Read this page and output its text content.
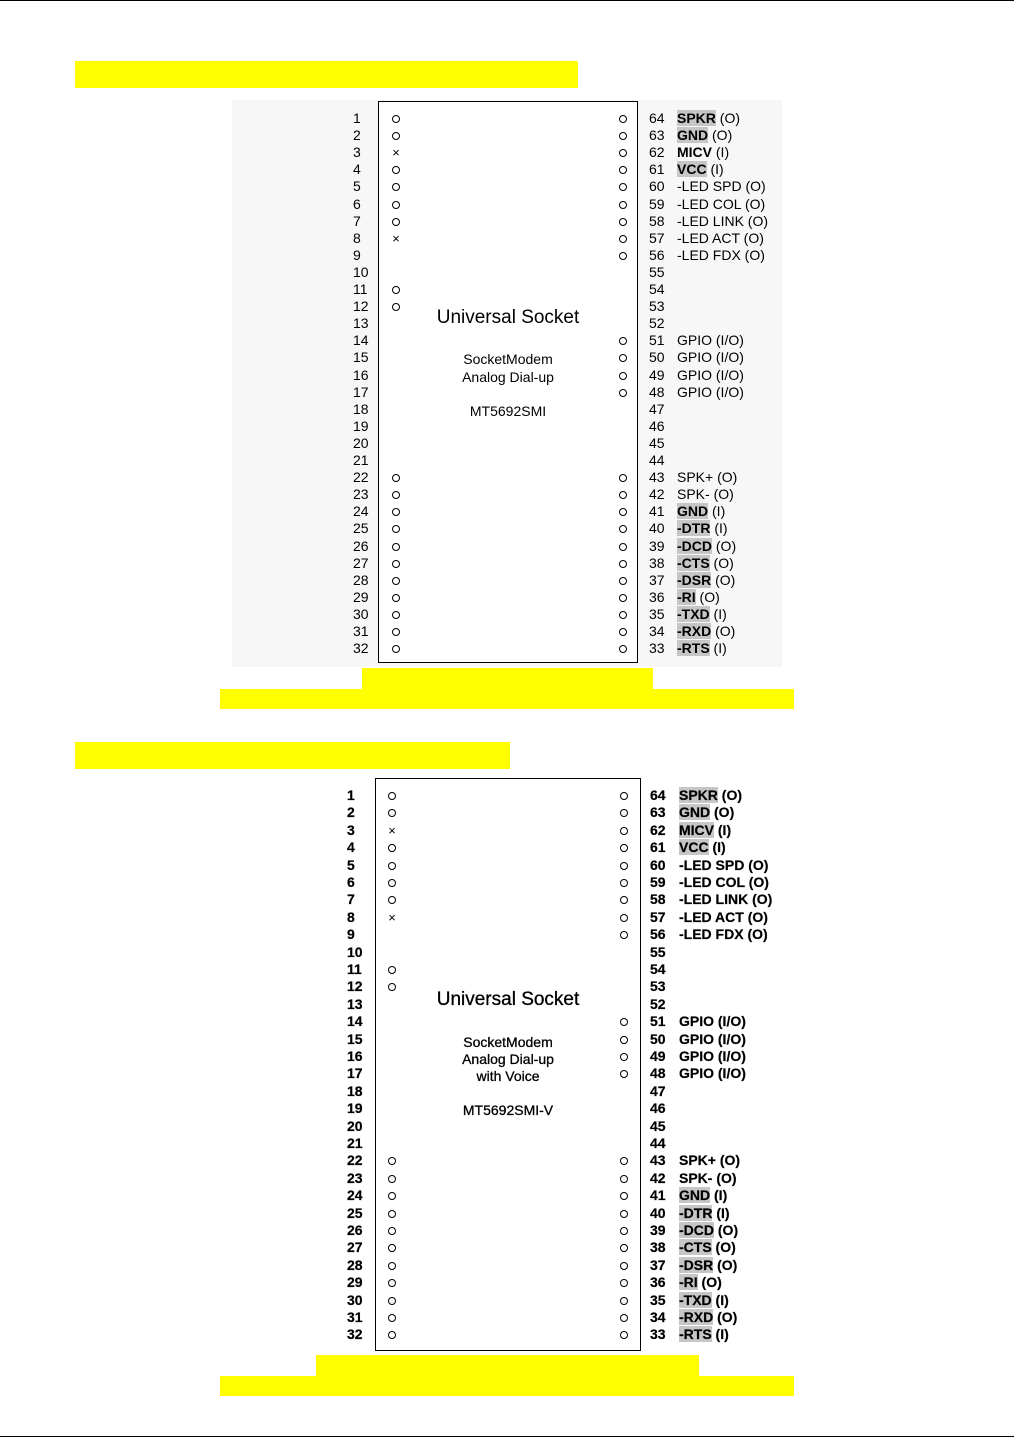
Universal Socket
SocketModem
Analog Dial-up
MT5692SMI
1
2
3 ×
4
5
6
7
8 ×
9
10
11
12
13
14
15
16
17
18
19
20
21
22
23
24
25
26
27
28
29
30
31
32
64 SPKR (O)
63 GND (O)
62 MICV (I)
61 VCC (I)
60 -LED SPD (O)
59 -LED COL (O)
58 -LED LINK (O)
57 -LED ACT (O)
56 -LED FDX (O)
55
54
53
52
51 GPIO (I/O)
50 GPIO (I/O)
49 GPIO (I/O)
48 GPIO (I/O)
47
46
45
44
43 SPK+ (O)
42 SPK- (O)
41 GND (I)
40 -DTR (I)
39 -DCD (O)
38 -CTS (O)
37 -DSR (O)
36 -RI (O)
35 -TXD (I)
34 -RXD (O)
33 -RTS (I)
Universal Socket
SocketModem
Analog Dial-up
with Voice
MT5692SMI-V
1
2
3	×
4
5
6
7
8	×
9
10
11
12
13
14
15
16
17
18
19
20
21
22
23
24
25
26
27
28
29
30
31
32
64 SPKR (O)
63 GND (O)
62 MICV (I)
61 VCC (I)
60 -LED SPD (O)
59 -LED COL (O)
58 -LED LINK (O)
57 -LED ACT (O)
56 -LED FDX (O)
55
54
53
52
51 GPIO (I/O)
50 GPIO (I/O)
49 GPIO (I/O)
48 GPIO (I/O)
47
46
45
44
43 SPK+ (O)
42 SPK- (O)
41 GND (I)
40 -DTR (I)
39 -DCD (O)
38 -CTS (O)
37 -DSR (O)
36 -RI (O)
35 -TXD (I)
34 -RXD (O)
33 -RTS (I)
